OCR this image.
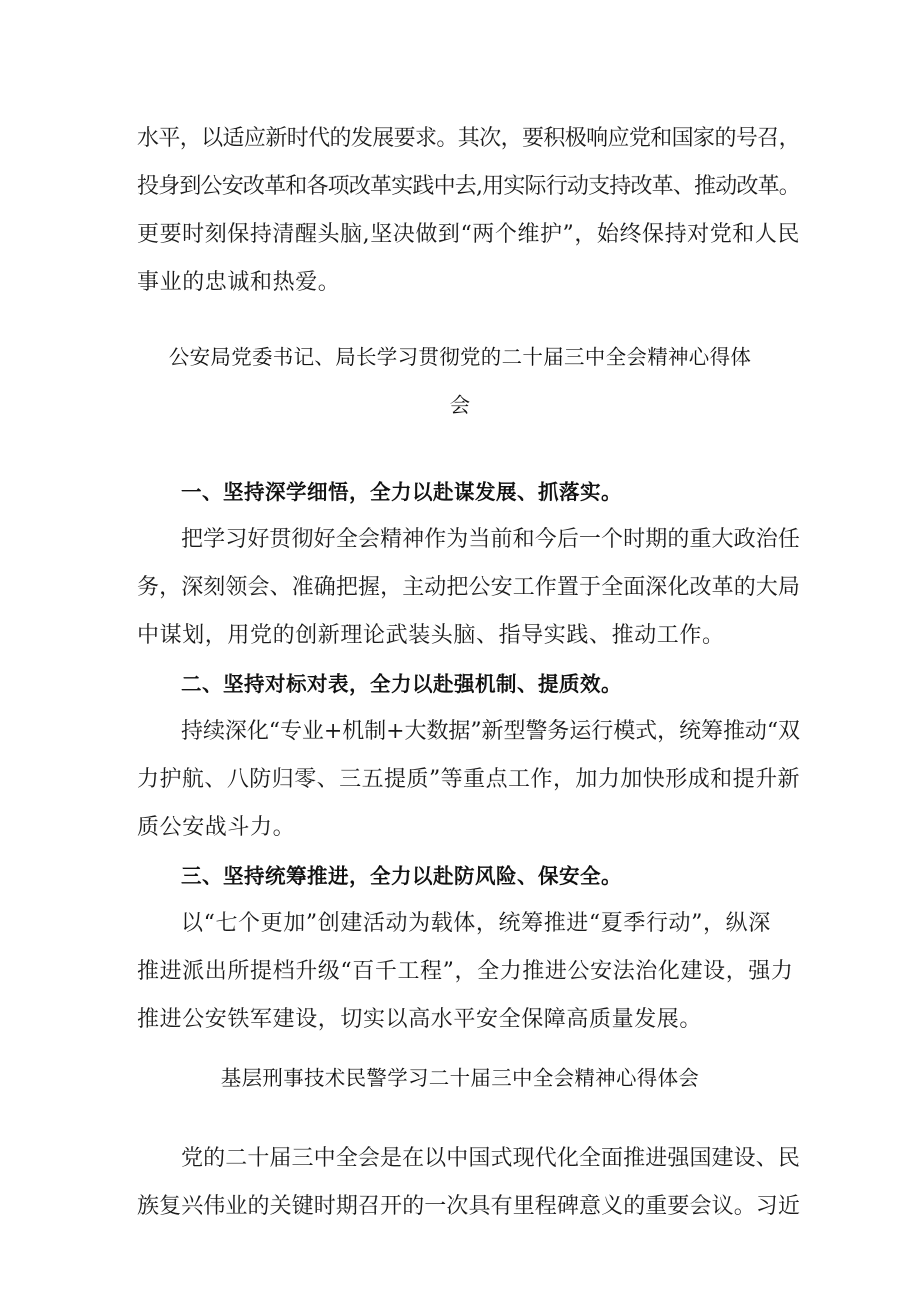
水平，以适应新时代的发展要求。其次，要积极响应党和国家的号召，
投身到公安改革和各项改革实践中去,用实际行动支持改革、推动改革。
更要时刻保持清醒头脑,坚决做到“两个维护”，始终保持对党和人民
事业的忠诚和热爱。
公安局党委书记、局长学习贯彻党的二十届三中全会精神心得体
会
一、坚持深学细悟，全力以赴谋发展、抓落实。
把学习好贯彻好全会精神作为当前和今后一个时期的重大政治任
务，深刻领会、准确把握，主动把公安工作置于全面深化改革的大局
中谋划，用党的创新理论武装头脑、指导实践、推动工作。
二、坚持对标对表，全力以赴强机制、提质效。
持续深化“专业+机制+大数据”新型警务运行模式，统筹推动“双
力护航、八防归零、三五提质”等重点工作，加力加快形成和提升新
质公安战斗力。
三、坚持统筹推进，全力以赴防风险、保安全。
以“七个更加”创建活动为载体，统筹推进“夏季行动”，纵深
推进派出所提档升级“百千工程”，全力推进公安法治化建设，强力
推进公安铁军建设，切实以高水平安全保障高质量发展。
基层刑事技术民警学习二十届三中全会精神心得体会
党的二十届三中全会是在以中国式现代化全面推进强国建设、民
族复兴伟业的关键时期召开的一次具有里程碑意义的重要会议。习近
